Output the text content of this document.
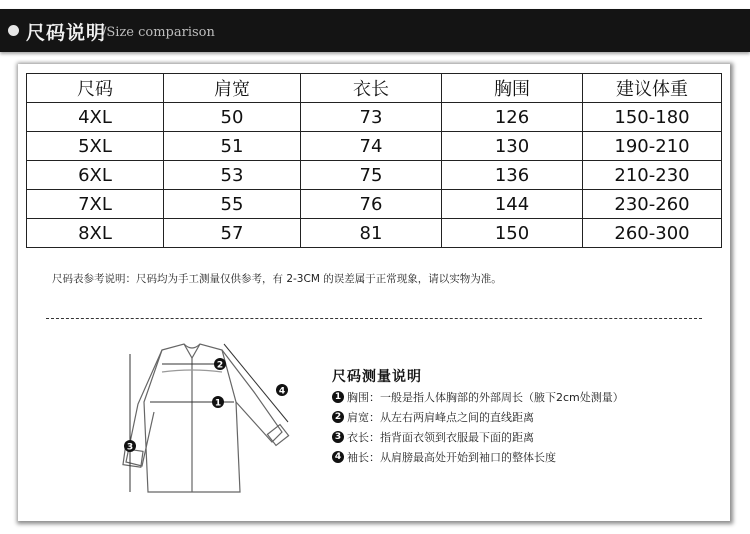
尺码说明
/Size comparison
尺码	肩宽	衣长	胸围	建议体重
4XL	50	73	126	150-180
5XL	51	74	130	190-210
6XL	53	75	136	210-230
7XL	55	76	144	230-260
8XL	57	81	150	260-300
尺码表参考说明：尺码均为手工测量仅供参考，有 2-3CM 的误差属于正常现象，请以实物为准。
1
2
3
4
尺码测量说明
1 胸围：一般是指人体胸部的外部周长（腋下2cm处测量）
2 肩宽：从左右两肩峰点之间的直线距离
3 衣长：指背面衣领到衣服最下面的距离
4 袖长：从肩膀最高处开始到袖口的整体长度
